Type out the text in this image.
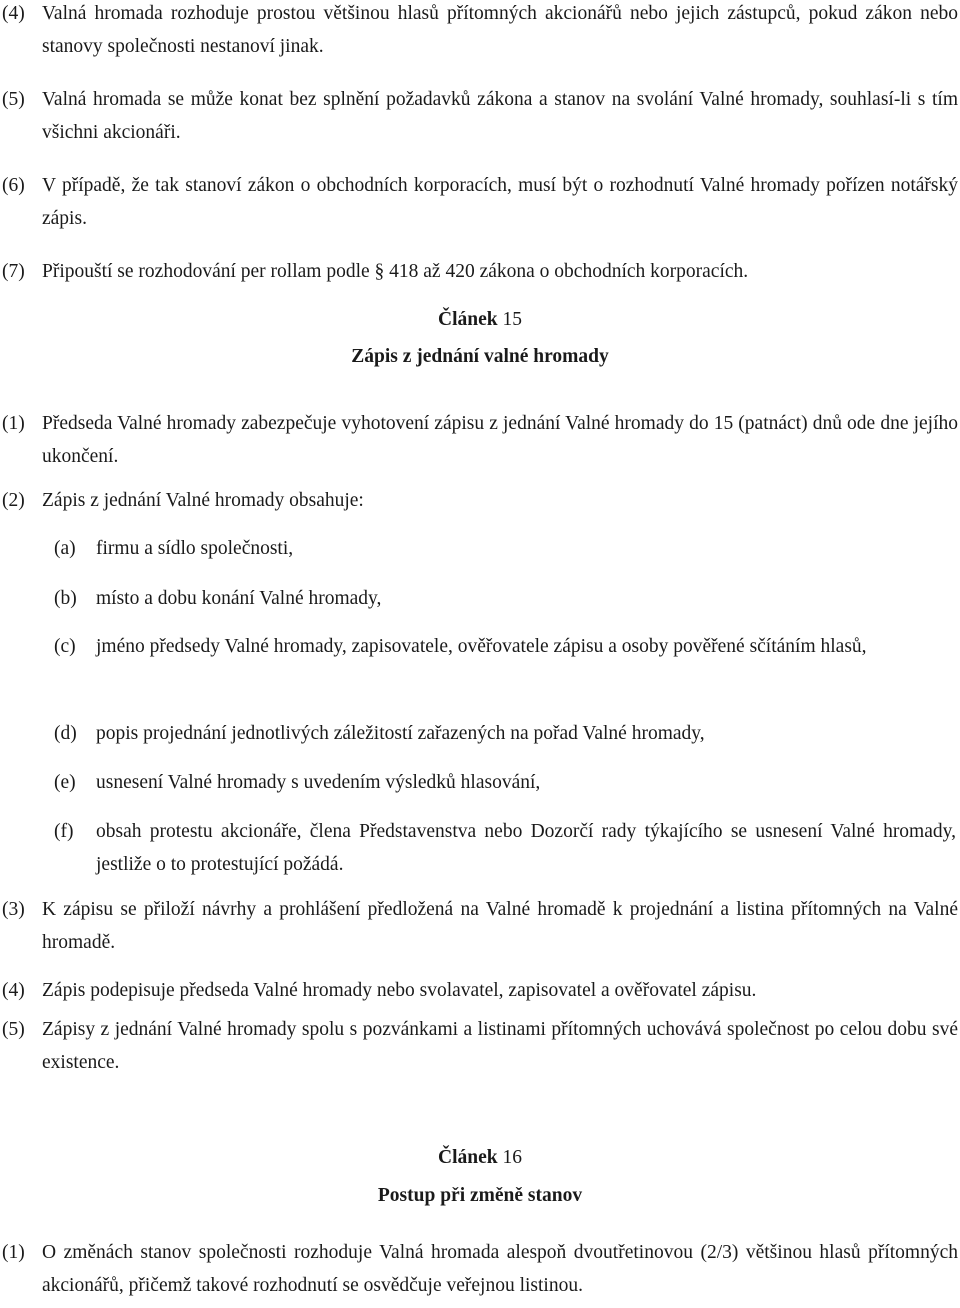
(4) Valná hromada rozhoduje prostou většinou hlasů přítomných akcionářů nebo jejich zástupců, pokud zákon nebo stanovy společnosti nestanoví jinak.
(5) Valná hromada se může konat bez splnění požadavků zákona a stanov na svolání Valné hromady, souhlasí-li s tím všichni akcionáři.
(6) V případě, že tak stanoví zákon o obchodních korporacích, musí být o rozhodnutí Valné hromady pořízen notářský zápis.
(7) Připouští se rozhodování per rollam podle § 418 až 420 zákona o obchodních korporacích.
Článek 15
Zápis z jednání valné hromady
(1) Předseda Valné hromady zabezpečuje vyhotovení zápisu z jednání Valné hromady do 15 (patnáct) dnů ode dne jejího ukončení.
(2) Zápis z jednání Valné hromady obsahuje:
(a) firmu a sídlo společnosti,
(b) místo a dobu konání Valné hromady,
(c) jméno předsedy Valné hromady, zapisovatele, ověřovatele zápisu a osoby pověřené sčítáním hlasů,
(d) popis projednání jednotlivých záležitostí zařazených na pořad Valné hromady,
(e) usnesení Valné hromady s uvedením výsledků hlasování,
(f) obsah protestu akcionáře, člena Představenstva nebo Dozorčí rady týkajícího se usnesení Valné hromady, jestliže o to protestující požádá.
(3) K zápisu se přiloží návrhy a prohlášení předložená na Valné hromadě k projednání a listina přítomných na Valné hromadě.
(4) Zápis podepisuje předseda Valné hromady nebo svolavatel, zapisovatel a ověřovatel zápisu.
(5) Zápisy z jednání Valné hromady spolu s pozvánkami a listinami přítomných uchovává společnost po celou dobu své existence.
Článek 16
Postup při změně stanov
(1) O změnách stanov společnosti rozhoduje Valná hromada alespoň dvoutřetinovou (2/3) většinou hlasů přítomných akcionářů, přičemž takové rozhodnutí se osvědčuje veřejnou listinou.
